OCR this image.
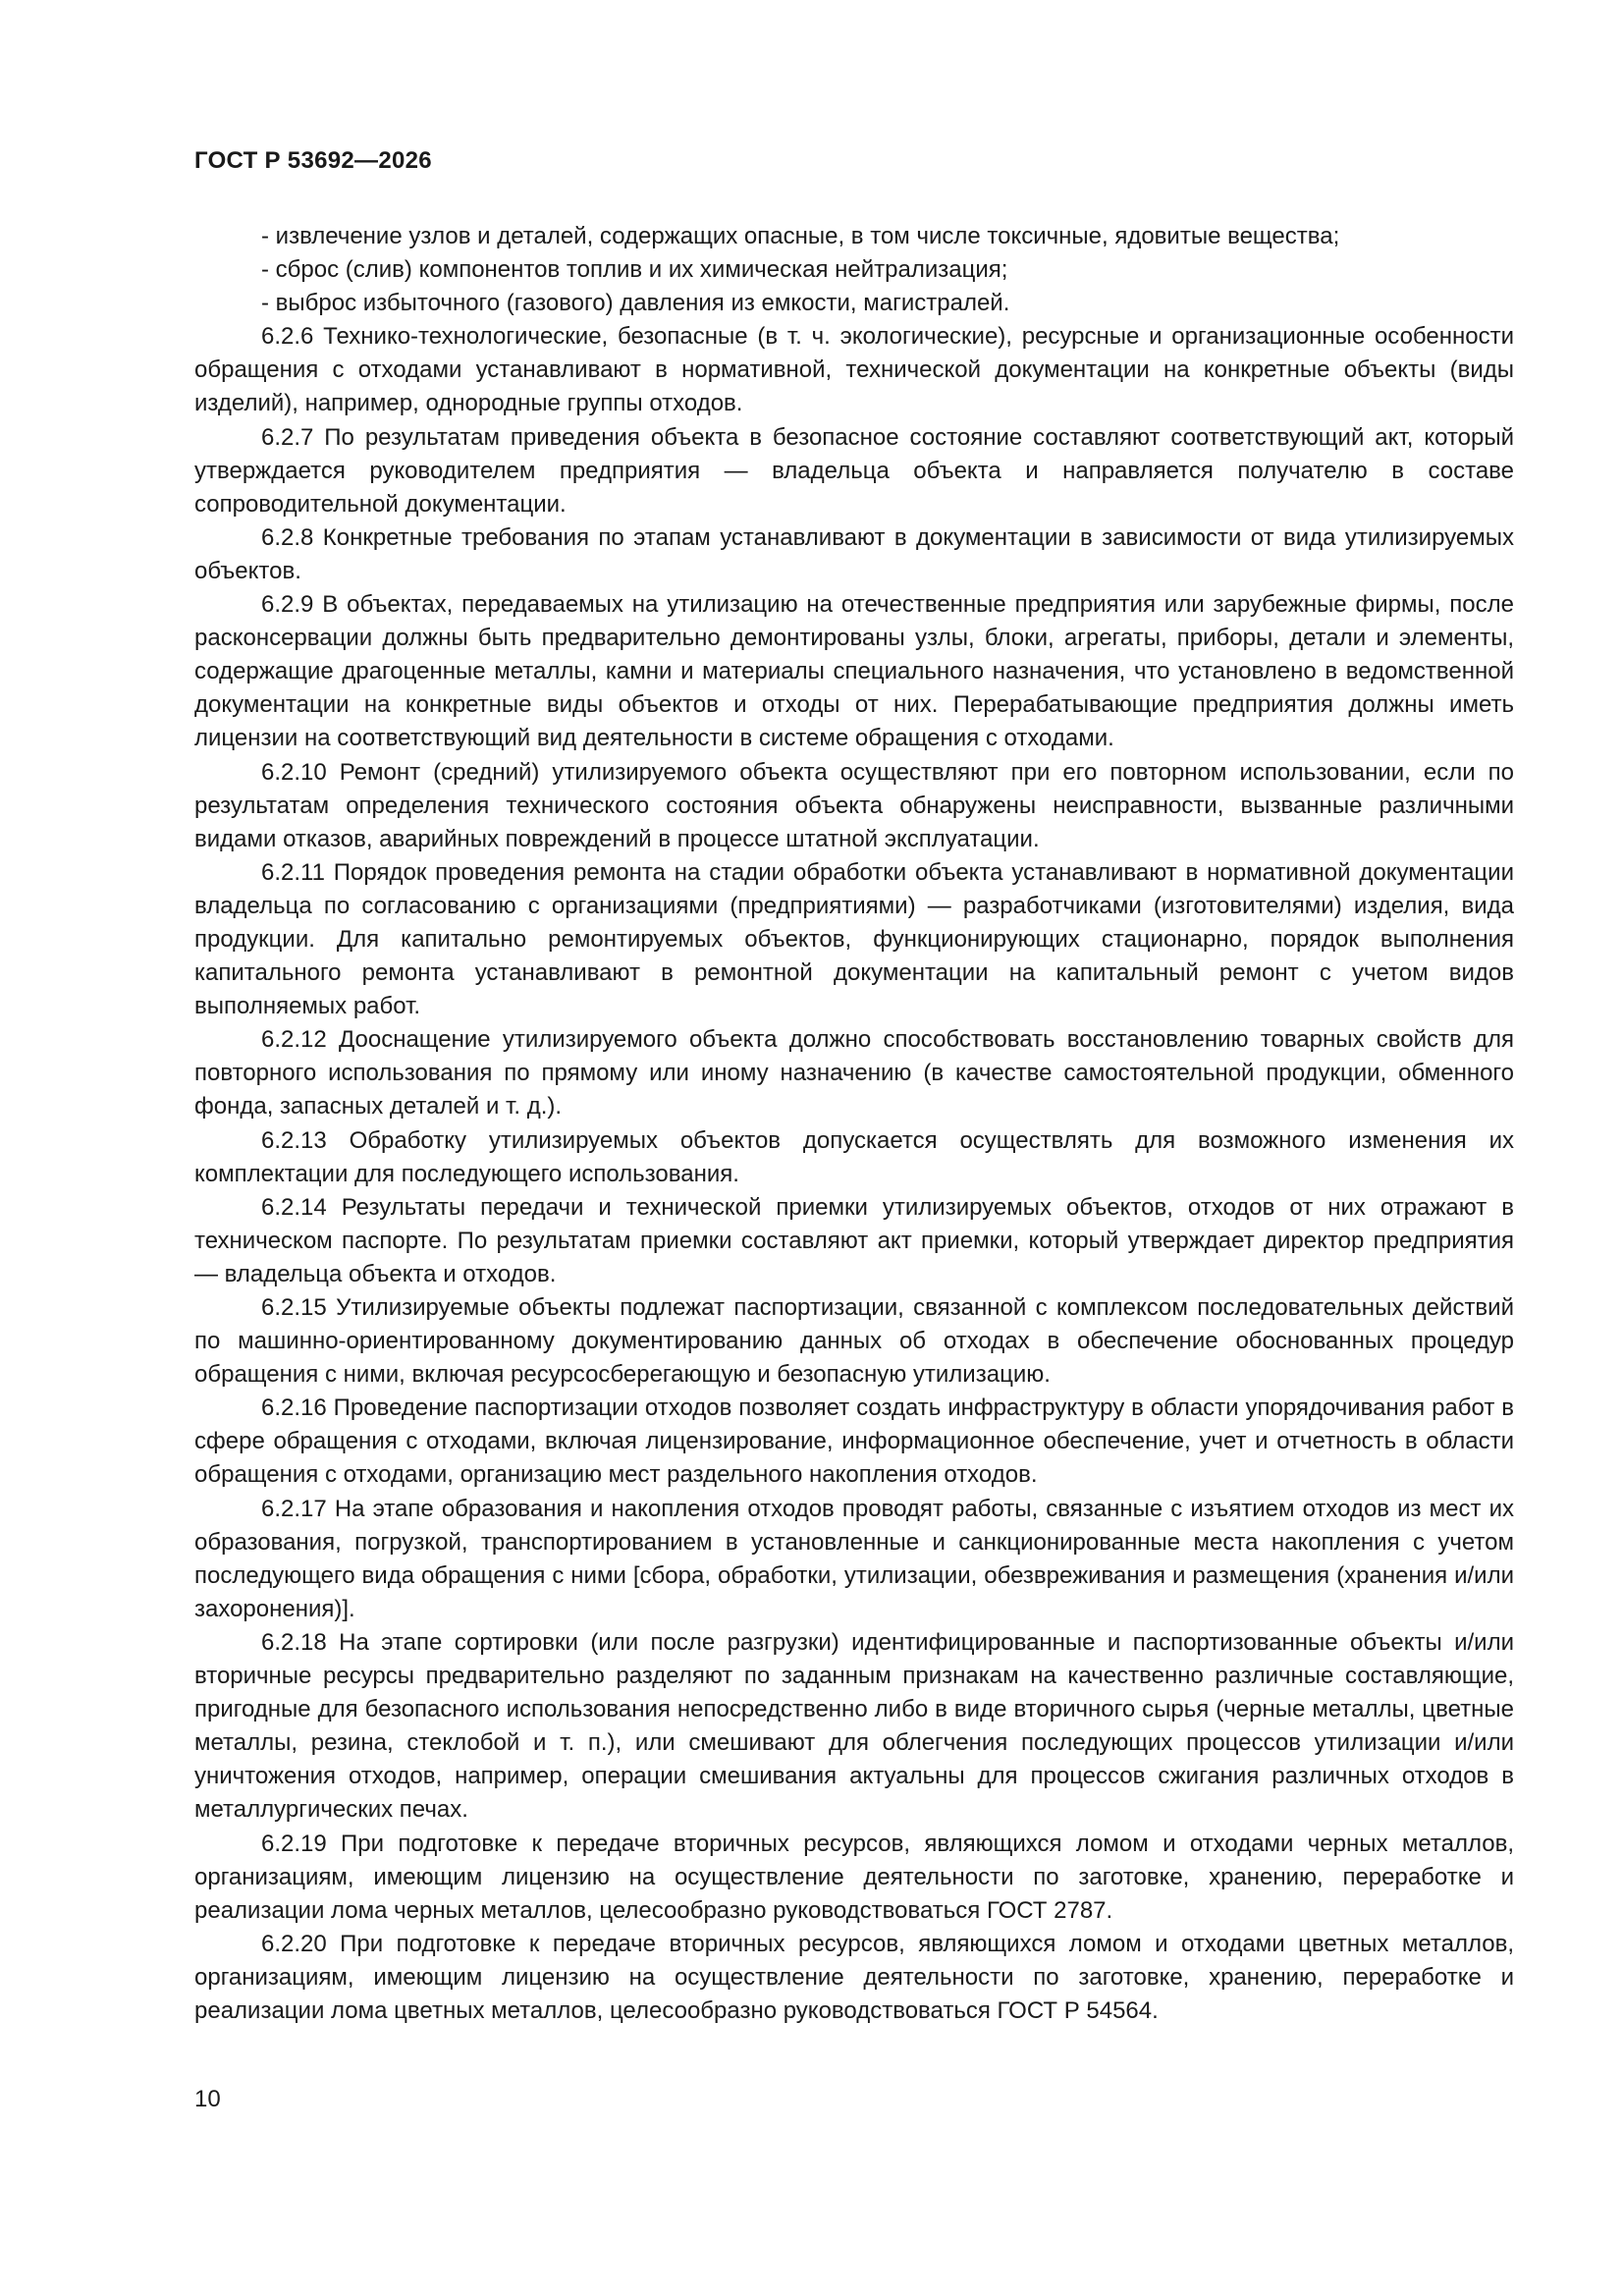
ГОСТ Р 53692—2026

- извлечение узлов и деталей, содержащих опасные, в том числе токсичные, ядовитые вещества;

- сброс (слив) компонентов топлив и их химическая нейтрализация;

- выброс избыточного (газового) давления из емкости, магистралей.

6.2.6 Технико-технологические, безопасные (в т. ч. экологические), ресурсные и организационные особенности обращения с отходами устанавливают в нормативной, технической документации на конкретные объекты (виды изделий), например, однородные группы отходов.

6.2.7 По результатам приведения объекта в безопасное состояние составляют соответствующий акт, который утверждается руководителем предприятия — владельца объекта и направляется получателю в составе сопроводительной документации.

6.2.8 Конкретные требования по этапам устанавливают в документации в зависимости от вида утилизируемых объектов.

6.2.9 В объектах, передаваемых на утилизацию на отечественные предприятия или зарубежные фирмы, после расконсервации должны быть предварительно демонтированы узлы, блоки, агрегаты, приборы, детали и элементы, содержащие драгоценные металлы, камни и материалы специального назначения, что установлено в ведомственной документации на конкретные виды объектов и отходы от них. Перерабатывающие предприятия должны иметь лицензии на соответствующий вид деятельности в системе обращения с отходами.

6.2.10 Ремонт (средний) утилизируемого объекта осуществляют при его повторном использовании, если по результатам определения технического состояния объекта обнаружены неисправности, вызванные различными видами отказов, аварийных повреждений в процессе штатной эксплуатации.

6.2.11 Порядок проведения ремонта на стадии обработки объекта устанавливают в нормативной документации владельца по согласованию с организациями (предприятиями) — разработчиками (изготовителями) изделия, вида продукции. Для капитально ремонтируемых объектов, функционирующих стационарно, порядок выполнения капитального ремонта устанавливают в ремонтной документации на капитальный ремонт с учетом видов выполняемых работ.

6.2.12 Дооснащение утилизируемого объекта должно способствовать восстановлению товарных свойств для повторного использования по прямому или иному назначению (в качестве самостоятельной продукции, обменного фонда, запасных деталей и т. д.).

6.2.13 Обработку утилизируемых объектов допускается осуществлять для возможного изменения их комплектации для последующего использования.

6.2.14 Результаты передачи и технической приемки утилизируемых объектов, отходов от них отражают в техническом паспорте. По результатам приемки составляют акт приемки, который утверждает директор предприятия — владельца объекта и отходов.

6.2.15 Утилизируемые объекты подлежат паспортизации, связанной с комплексом последовательных действий по машинно-ориентированному документированию данных об отходах в обеспечение обоснованных процедур обращения с ними, включая ресурсосберегающую и безопасную утилизацию.

6.2.16 Проведение паспортизации отходов позволяет создать инфраструктуру в области упорядочивания работ в сфере обращения с отходами, включая лицензирование, информационное обеспечение, учет и отчетность в области обращения с отходами, организацию мест раздельного накопления отходов.

6.2.17 На этапе образования и накопления отходов проводят работы, связанные с изъятием отходов из мест их образования, погрузкой, транспортированием в установленные и санкционированные места накопления с учетом последующего вида обращения с ними [сбора, обработки, утилизации, обезвреживания и размещения (хранения и/или захоронения)].

6.2.18 На этапе сортировки (или после разгрузки) идентифицированные и паспортизованные объекты и/или вторичные ресурсы предварительно разделяют по заданным признакам на качественно различные составляющие, пригодные для безопасного использования непосредственно либо в виде вторичного сырья (черные металлы, цветные металлы, резина, стеклобой и т. п.), или смешивают для облегчения последующих процессов утилизации и/или уничтожения отходов, например, операции смешивания актуальны для процессов сжигания различных отходов в металлургических печах.

6.2.19 При подготовке к передаче вторичных ресурсов, являющихся ломом и отходами черных металлов, организациям, имеющим лицензию на осуществление деятельности по заготовке, хранению, переработке и реализации лома черных металлов, целесообразно руководствоваться ГОСТ 2787.

6.2.20 При подготовке к передаче вторичных ресурсов, являющихся ломом и отходами цветных металлов, организациям, имеющим лицензию на осуществление деятельности по заготовке, хранению, переработке и реализации лома цветных металлов, целесообразно руководствоваться ГОСТ Р 54564.

10
